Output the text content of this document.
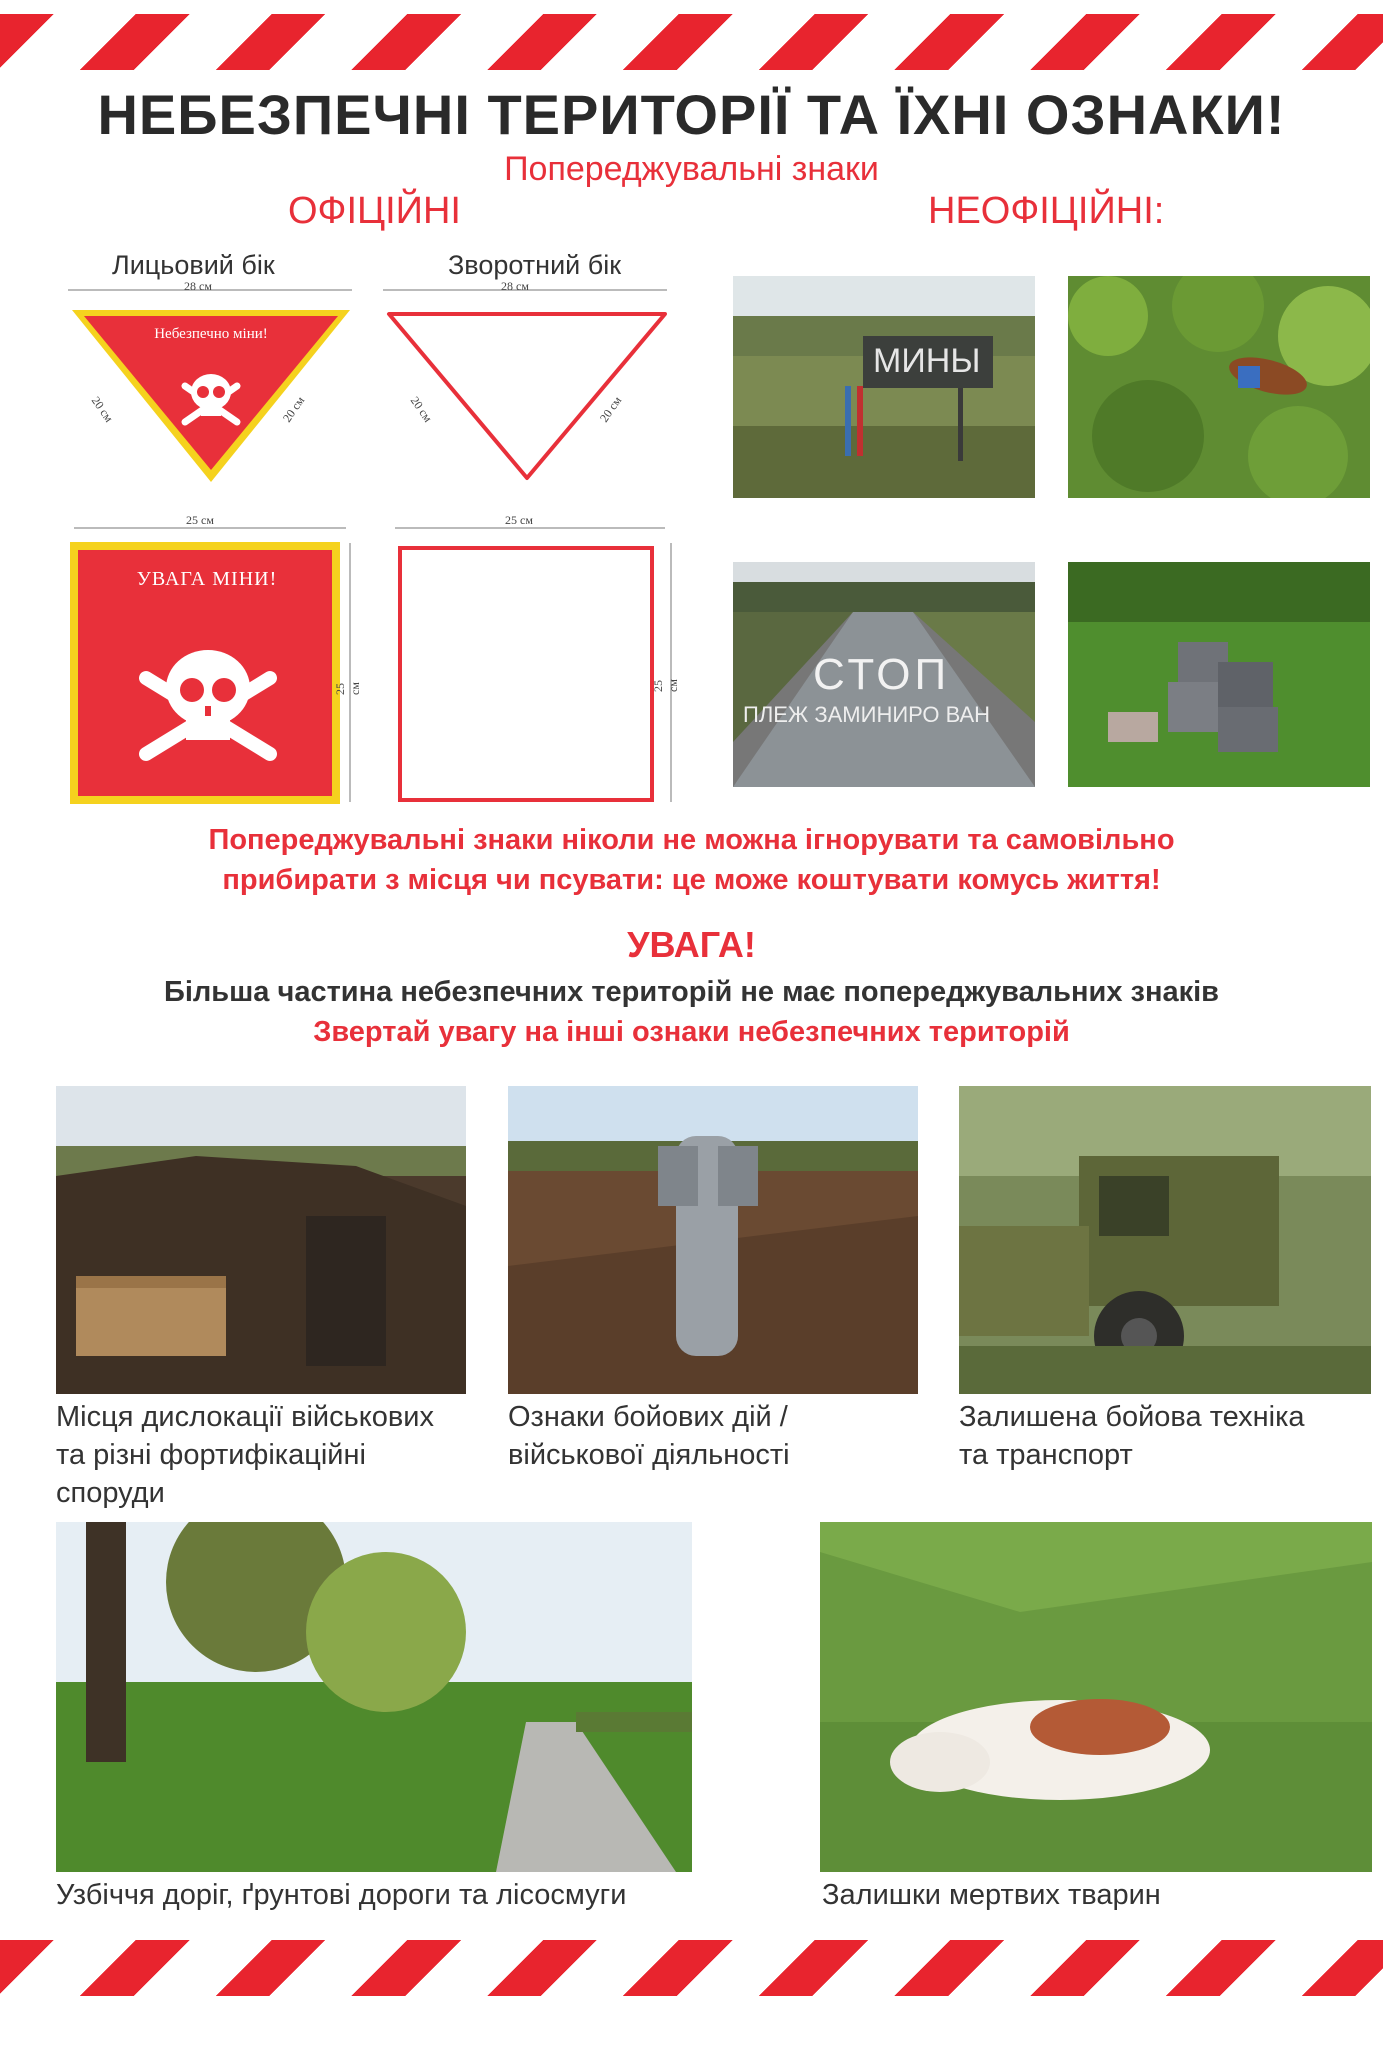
НЕБЕЗПЕЧНІ ТЕРИТОРІЇ ТА ЇХНІ ОЗНАКИ!
Попереджувальні знаки
ОФІЦІЙНІ	НЕОФІЦІЙНІ:
Лицьовий бік	Зворотний бік
28 см
20 см	20 см
Небезпечно міни!
28 см
20 см	20 см
25 см
25 см
УВАГА МІНИ!
25 см
25 см
МИНЫ
СТОП
ПЛЕЖ ЗАМИНИРО ВАН
Попереджувальні знаки ніколи не можна ігнорувати та самовільно
прибирати з місця чи псувати: це може коштувати комусь життя!
УВАГА!
Більша частина небезпечних територій не має попереджувальних знаків
Звертай увагу на інші ознаки небезпечних територій
Місця дислокації військових
та різні фортифікаційні
споруди
Ознаки бойових дій /
військової діяльності
Залишена бойова техніка
та транспорт
Узбіччя доріг, ґрунтові дороги та лісосмуги	Залишки мертвих тварин
